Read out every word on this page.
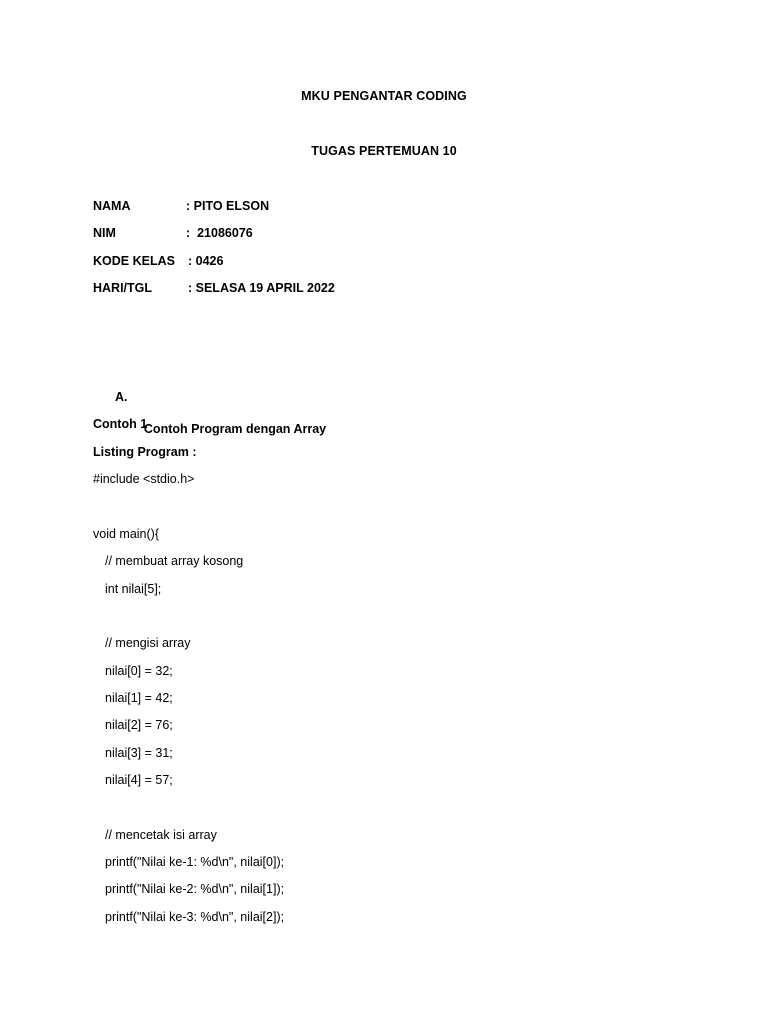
MKU PENGANTAR CODING
TUGAS PERTEMUAN 10

NAMA

	: PITO ELSON

NIM

	:  21086076

KODE KELAS

: 0426

HARI/TGL

	: SELASA 19 APRIL 2022

A.

Contoh Program dengan Array

Contoh 1
Listing Program :
#include <stdio.h>
void main(){
// membuat array kosong
int nilai[5];
// mengisi array
nilai[0] = 32;
nilai[1] = 42;
nilai[2] = 76;
nilai[3] = 31;
nilai[4] = 57;
// mencetak isi array
printf("Nilai ke-1: %d\n", nilai[0]);
printf("Nilai ke-2: %d\n", nilai[1]);
printf("Nilai ke-3: %d\n", nilai[2]);
